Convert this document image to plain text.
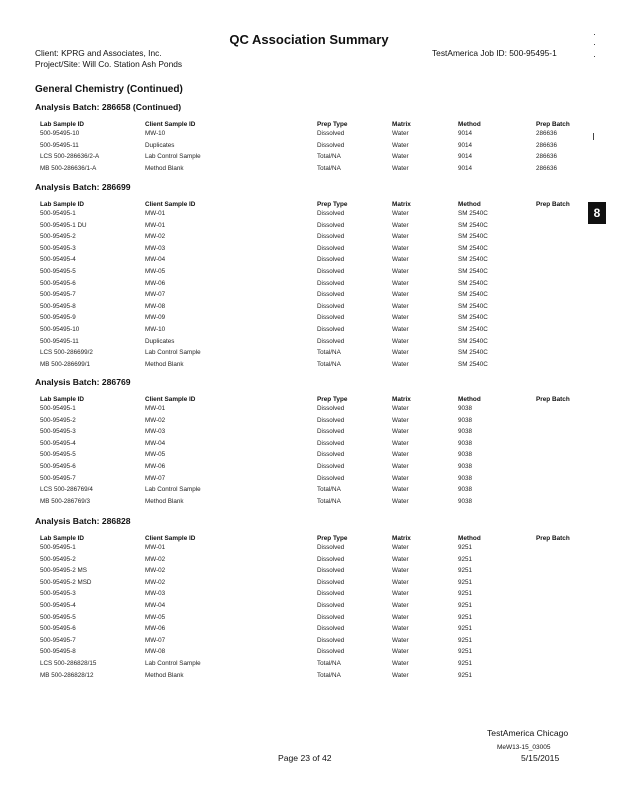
QC Association Summary
Client: KPRG and Associates, Inc.
Project/Site: Will Co. Station Ash Ponds
TestAmerica Job ID: 500-95495-1
General Chemistry (Continued)
Analysis Batch: 286658 (Continued)
Lab Sample ID	Client Sample ID	Prep Type	Matrix	Method	Prep Batch
500-95495-10	MW-10	Dissolved	Water	9014	286636
500-95495-11	Duplicates	Dissolved	Water	9014	286636
LCS 500-286636/2-A	Lab Control Sample	Total/NA	Water	9014	286636
MB 500-286636/1-A	Method Blank	Total/NA	Water	9014	286636
Analysis Batch: 286699
Lab Sample ID	Client Sample ID	Prep Type	Matrix	Method	Prep Batch
500-95495-1	MW-01	Dissolved	Water	SM 2540C
500-95495-1 DU	MW-01	Dissolved	Water	SM 2540C
500-95495-2	MW-02	Dissolved	Water	SM 2540C
500-95495-3	MW-03	Dissolved	Water	SM 2540C
500-95495-4	MW-04	Dissolved	Water	SM 2540C
500-95495-5	MW-05	Dissolved	Water	SM 2540C
500-95495-6	MW-06	Dissolved	Water	SM 2540C
500-95495-7	MW-07	Dissolved	Water	SM 2540C
500-95495-8	MW-08	Dissolved	Water	SM 2540C
500-95495-9	MW-09	Dissolved	Water	SM 2540C
500-95495-10	MW-10	Dissolved	Water	SM 2540C
500-95495-11	Duplicates	Dissolved	Water	SM 2540C
LCS 500-286699/2	Lab Control Sample	Total/NA	Water	SM 2540C
MB 500-286699/1	Method Blank	Total/NA	Water	SM 2540C
Analysis Batch: 286769
Lab Sample ID	Client Sample ID	Prep Type	Matrix	Method	Prep Batch
500-95495-1	MW-01	Dissolved	Water	9038
500-95495-2	MW-02	Dissolved	Water	9038
500-95495-3	MW-03	Dissolved	Water	9038
500-95495-4	MW-04	Dissolved	Water	9038
500-95495-5	MW-05	Dissolved	Water	9038
500-95495-6	MW-06	Dissolved	Water	9038
500-95495-7	MW-07	Dissolved	Water	9038
LCS 500-286769/4	Lab Control Sample	Total/NA	Water	9038
MB 500-286769/3	Method Blank	Total/NA	Water	9038
Analysis Batch: 286828
Lab Sample ID	Client Sample ID	Prep Type	Matrix	Method	Prep Batch
500-95495-1	MW-01	Dissolved	Water	9251
500-95495-2	MW-02	Dissolved	Water	9251
500-95495-2 MS	MW-02	Dissolved	Water	9251
500-95495-2 MSD	MW-02	Dissolved	Water	9251
500-95495-3	MW-03	Dissolved	Water	9251
500-95495-4	MW-04	Dissolved	Water	9251
500-95495-5	MW-05	Dissolved	Water	9251
500-95495-6	MW-06	Dissolved	Water	9251
500-95495-7	MW-07	Dissolved	Water	9251
500-95495-8	MW-08	Dissolved	Water	9251
LCS 500-286828/15	Lab Control Sample	Total/NA	Water	9251
MB 500-286828/12	Method Blank	Total/NA	Water	9251
8
TestAmerica Chicago
MeW13-15_03005
Page 23 of 42	5/15/2015
